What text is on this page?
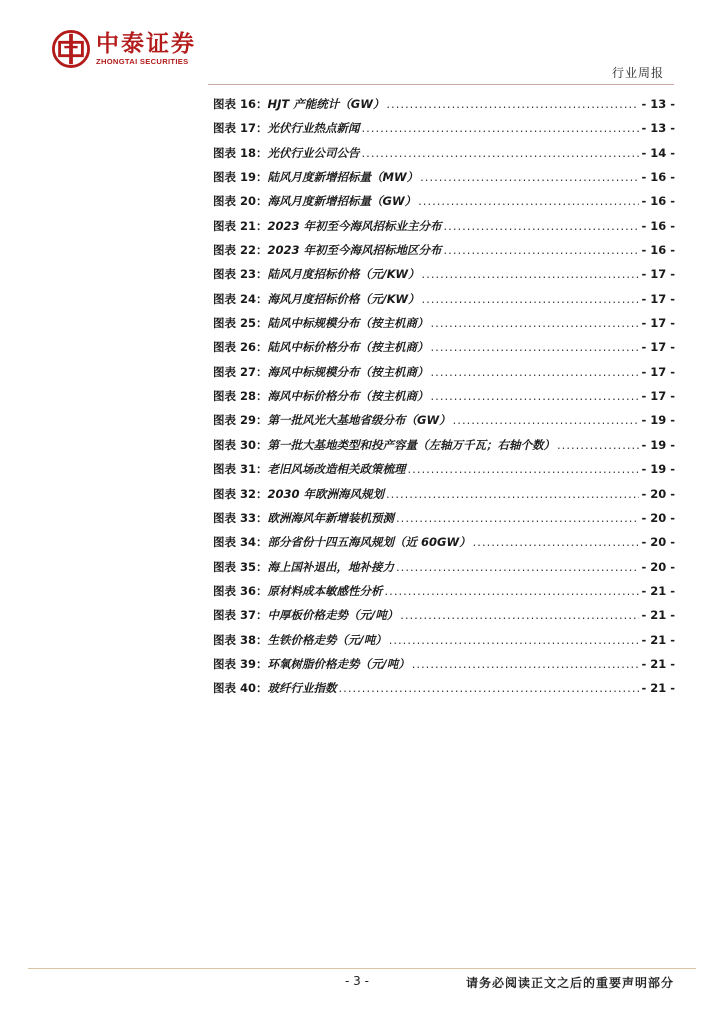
中泰证券
ZHONGTAI SECURITIES
行业周报
图表 16： HJT 产能统计（GW） .....	- 13 -
图表 17： 光伏行业热点新闻 .....	- 13 -
图表 18： 光伏行业公司公告 .....	- 14 -
图表 19： 陆风月度新增招标量（MW） .....	- 16 -
图表 20： 海风月度新增招标量（GW） .....	- 16 -
图表 21： 2023 年初至今海风招标业主分布 .....	- 16 -
图表 22： 2023 年初至今海风招标地区分布 .....	- 16 -
图表 23： 陆风月度招标价格（元/KW） .....	- 17 -
图表 24： 海风月度招标价格（元/KW） .....	- 17 -
图表 25： 陆风中标规模分布（按主机商） .....	- 17 -
图表 26： 陆风中标价格分布（按主机商） .....	- 17 -
图表 27： 海风中标规模分布（按主机商） .....	- 17 -
图表 28： 海风中标价格分布（按主机商） .....	- 17 -
图表 29： 第一批风光大基地省级分布（GW） .....	- 19 -
图表 30： 第一批大基地类型和投产容量（左轴万千瓦；右轴个数） .....	- 19 -
图表 31： 老旧风场改造相关政策梳理 .....	- 19 -
图表 32： 2030 年欧洲海风规划 .....	- 20 -
图表 33： 欧洲海风年新增装机预测 .....	- 20 -
图表 34： 部分省份十四五海风规划（近 60GW） .....	- 20 -
图表 35： 海上国补退出，地补接力 .....	- 20 -
图表 36： 原材料成本敏感性分析 .....	- 21 -
图表 37： 中厚板价格走势（元/吨） .....	- 21 -
图表 38： 生铁价格走势（元/吨） .....	- 21 -
图表 39： 环氧树脂价格走势（元/吨） .....	- 21 -
图表 40： 玻纤行业指数 .....	- 21 -
- 3 -	请务必阅读正文之后的重要声明部分
